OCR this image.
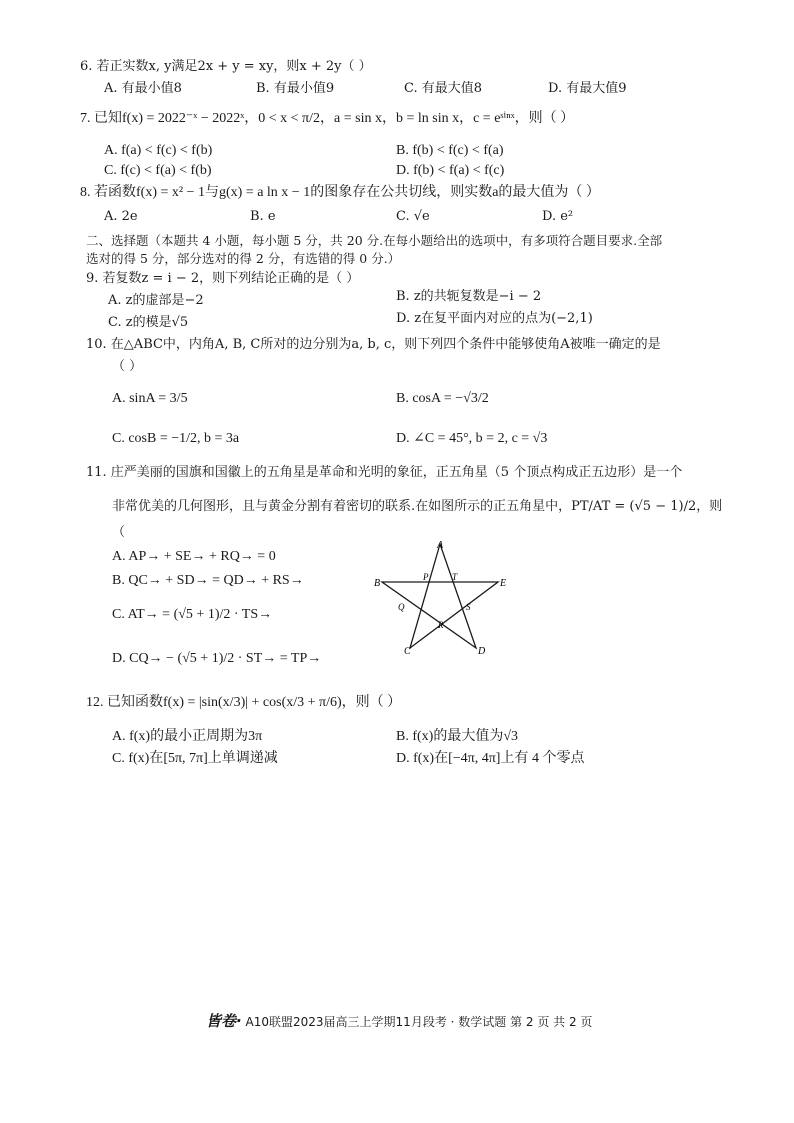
6. 若正实数x, y满足2x + y = xy，则x + 2y（ ）
A. 有最小值8	B. 有最小值9	C. 有最大值8	D. 有最大值9
7. 已知f(x) = 2022⁻ˣ − 2022ˣ，0 < x < π/2，a = sin x，b = ln sin x，c = eˢⁱⁿˣ，则（ ）
A. f(a) < f(c) < f(b)	B. f(b) < f(c) < f(a)
C. f(c) < f(a) < f(b)	D. f(b) < f(a) < f(c)
8. 若函数f(x) = x² − 1与g(x) = a ln x − 1的图象存在公共切线，则实数a的最大值为（ ）
A. 2e	B. e	C. √e	D. e²
二、选择题（本题共 4 小题，每小题 5 分，共 20 分.在每小题给出的选项中，有多项符合题目要求.全部
选对的得 5 分，部分选对的得 2 分，有选错的得 0 分.）
9. 若复数z = i − 2，则下列结论正确的是（ ）
A. z的虚部是−2	B. z的共轭复数是−i − 2
C. z的模是√5	D. z在复平面内对应的点为(−2,1)
10. 在△ABC中，内角A, B, C所对的边分别为a, b, c，则下列四个条件中能够使角A被唯一确定的是
（ ）
A. sinA = 3/5	B. cosA = −√3/2
C. cosB = −1/2, b = 3a	D. ∠C = 45°, b = 2, c = √3
11. 庄严美丽的国旗和国徽上的五角星是革命和光明的象征，正五角星（5 个顶点构成正五边形）是一个
非常优美的几何图形，且与黄金分割有着密切的联系.在如图所示的正五角星中，PT/AT = (√5 − 1)/2，则
（
A. AP→ + SE→ + RQ→ = 0
B. QC→ + SD→ = QD→ + RS→
C. AT→ = (√5 + 1)/2 · TS→
D. CQ→ − (√5 + 1)/2 · ST→ = TP→
A
B
C	D
E
P	T
Q
R
S
12. 已知函数f(x) = |sin(x/3)| + cos(x/3 + π/6)，则（ ）
A. f(x)的最小正周期为3π	B. f(x)的最大值为√3
C. f(x)在[5π, 7π]上单调递减	D. f(x)在[−4π, 4π]上有 4 个零点
皆卷· A10联盟2023届高三上学期11月段考 · 数学试题 第 2 页 共 2 页
